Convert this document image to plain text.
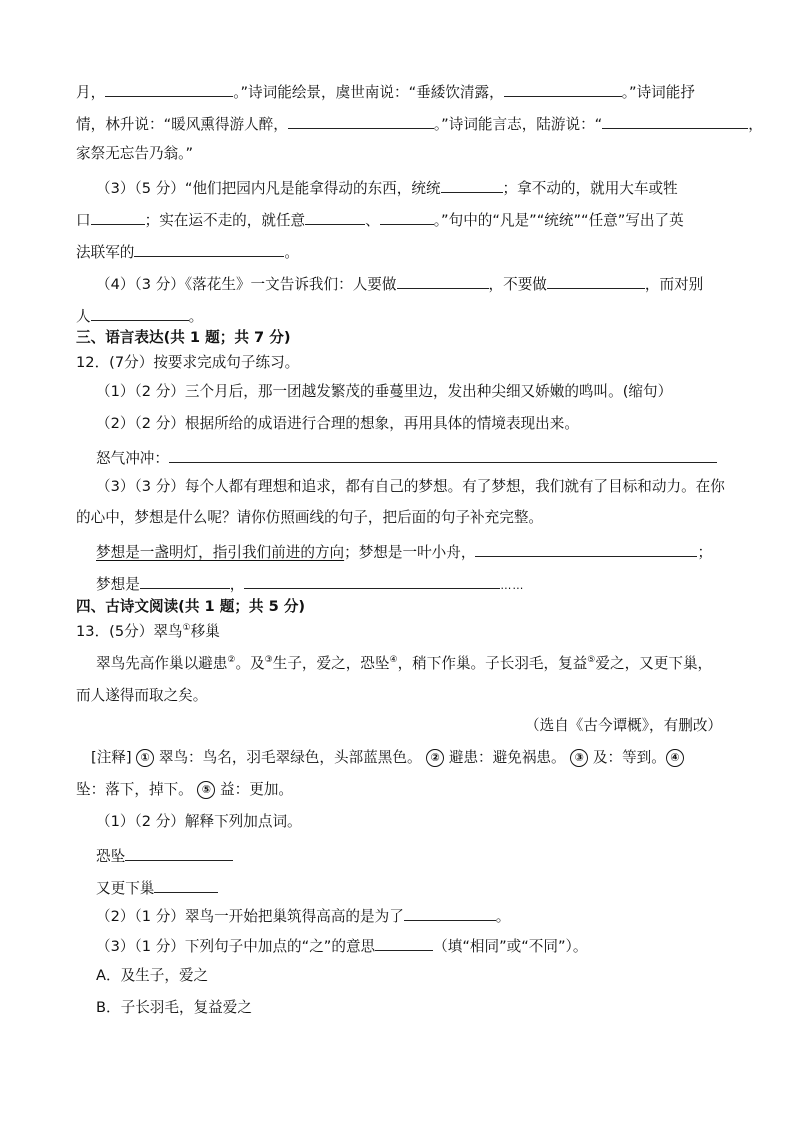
月，	。”诗词能绘景，虞世南说：“垂緌饮清露，	。”诗词能抒
情，林升说：“暖风熏得游人醉，	。”诗词能言志，陆游说：“	，
家祭无忘告乃翁。”
（3）（5 分）“他们把园内凡是能拿得动的东西，统统	；拿不动的，就用大车或牲
口	；实在运不走的，就任意	、	。”句中的“凡是”“统统”“任意”写出了英
法联军的	。
（4）（3 分）《落花生》一文告诉我们：人要做	，不要做	，而对别
人	。
三、语言表达(共 1 题；共 7 分)
12．(7分）按要求完成句子练习。
（1）（2 分）三个月后，那一团越发繁茂的垂蔓里边，发出种尖细又娇嫩的鸣叫。(缩句）
（2）（2 分）根据所给的成语进行合理的想象，再用具体的情境表现出来。
怒气冲冲：
（3）（3 分）每个人都有理想和追求，都有自己的梦想。有了梦想，我们就有了目标和动力。在你
的心中，梦想是什么呢？请你仿照画线的句子，把后面的句子补充完整。
梦想是一盏明灯，指引我们前进的方向；梦想是一叶小舟，	；
梦想是	，	……
四、古诗文阅读(共 1 题；共 5 分)
13．(5分）翠鸟①移巢
翠鸟先高作巢以避患②。及③生子，爱之，恐坠④，稍下作巢。子长羽毛，复益⑤爱之，又更下巢，
而人遂得而取之矣。
（选自《古今谭概》，有删改）
[注释] ① 翠鸟：鸟名，羽毛翠绿色，头部蓝黑色。 ② 避患：避免祸患。 ③ 及：等到。 ④
坠：落下，掉下。 ⑤ 益：更加。
（1）（2 分）解释下列加点词。
恐坠
又更下巢
（2）（1 分）翠鸟一开始把巢筑得高高的是为了	。
（3）（1 分）下列句子中加点的“之”的意思	（填“相同”或“不同”）。
A．及生子，爱之
B．子长羽毛，复益爱之
